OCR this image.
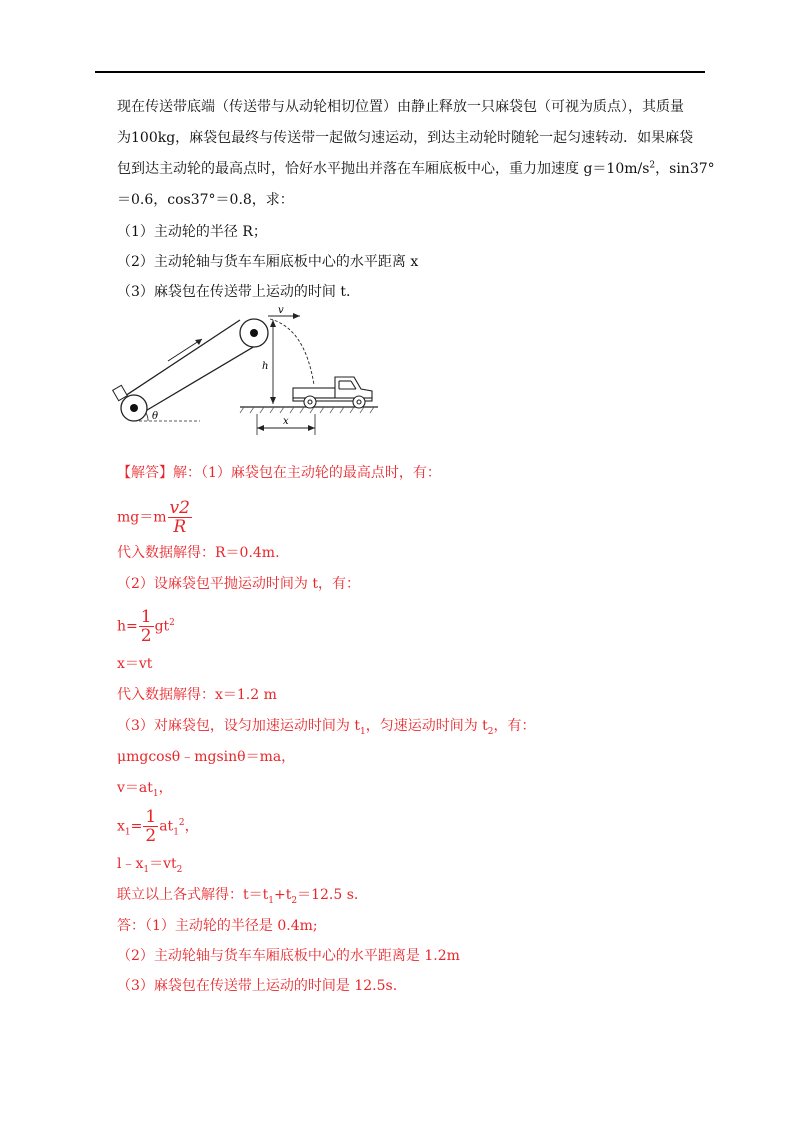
现在传送带底端（传送带与从动轮相切位置）由静止释放一只麻袋包（可视为质点），其质量
为100kg，麻袋包最终与传送带一起做匀速运动，到达主动轮时随轮一起匀速转动．如果麻袋
包到达主动轮的最高点时，恰好水平抛出并落在车厢底板中心，重力加速度 $g=10m/s^2$，sin37°
＝0.6，cos37°＝0.8，求：
（1）主动轮的半径 R；
（2）主动轮轴与货车车厢底板中心的水平距离 x
（3）麻袋包在传送带上运动的时间 t.
θ
v
h
x
【解答】解：（1）麻袋包在主动轮的最高点时，有：
$mg=m \frac{v2}{R}$
代入数据解得：R＝0.4m.
（2）设麻袋包平抛运动时间为 t，有：
$h= \frac{1}{2} gt^2$
x＝vt
代入数据解得：x＝1.2 m
（3）对麻袋包，设匀加速运动时间为 $t_1$，匀速运动时间为 $t_2$，有：
μmgcosθ﹣mgsinθ＝ma，
$v=at_1$，
$x_1= \frac{1}{2} at_1^2$，
$l﹣x_1=vt_2$
联立以上各式解得：$t=t_1+t_2=12.5$ s.
答：（1）主动轮的半径是 0.4m;
（2）主动轮轴与货车车厢底板中心的水平距离是 1.2m
（3）麻袋包在传送带上运动的时间是 12.5s.
